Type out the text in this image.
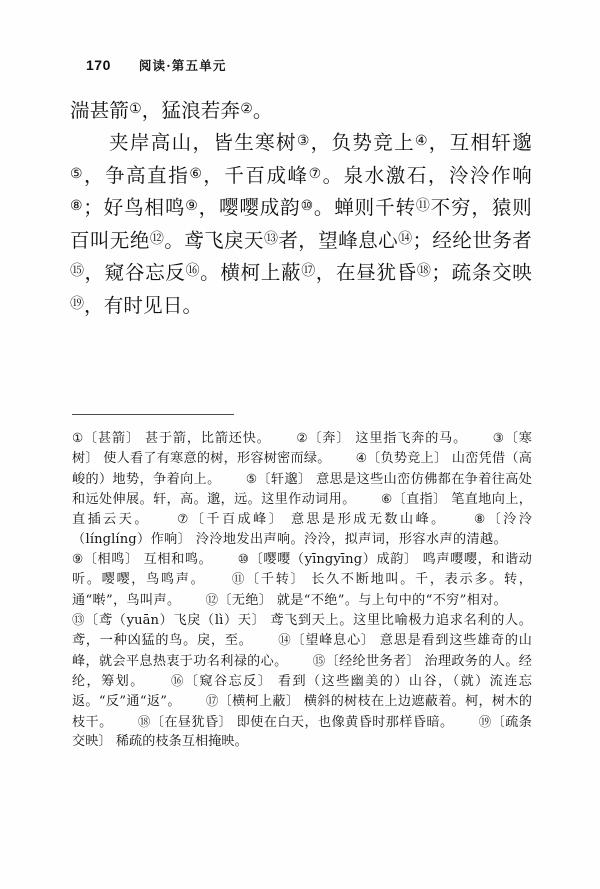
170 阅读·第五单元

湍甚箭①，猛浪若奔②。

夹岸高山，皆生寒树③，负势竞上④，互相轩邈⑤，争高直指⑥，千百成峰⑦。泉水激石，泠泠作响⑧；好鸟相鸣⑨，嘤嘤成韵⑩。蝉则千转⑪不穷，猿则百叫无绝⑫。鸢飞戾天⑬者，望峰息心⑭；经纶世务者⑮，窥谷忘反⑯。横柯上蔽⑰，在昼犹昏⑱；疏条交映⑲，有时见日。

①〔甚箭〕 甚于箭，比箭还快。 ②〔奔〕 这里指飞奔的马。 ③〔寒树〕 使人看了有寒意的树，形容树密而绿。 ④〔负势竞上〕 山峦凭借（高峻的）地势，争着向上。 ⑤〔轩邈〕 意思是这些山峦仿佛都在争着往高处和远处伸展。轩，高。邈，远。这里作动词用。 ⑥〔直指〕 笔直地向上，直插云天。 ⑦〔千百成峰〕 意思是形成无数山峰。 ⑧〔泠泠（línglíng）作响〕 泠泠地发出声响。泠泠，拟声词，形容水声的清越。⑨〔相鸣〕 互相和鸣。 ⑩〔嘤嘤（yīngyīng）成韵〕 鸣声嘤嘤，和谐动听。嘤嘤，鸟鸣声。 ⑪〔千转〕 长久不断地叫。千，表示多。转，通“啭”，鸟叫声。 ⑫〔无绝〕 就是“不绝”。与上句中的“不穷”相对。⑬〔鸢（yuān）飞戾（lì）天〕 鸢飞到天上。这里比喻极力追求名利的人。鸢，一种凶猛的鸟。戾，至。 ⑭〔望峰息心〕 意思是看到这些雄奇的山峰，就会平息热衷于功名利禄的心。 ⑮〔经纶世务者〕 治理政务的人。经纶，筹划。 ⑯〔窥谷忘反〕 看到（这些幽美的）山谷，（就）流连忘返。“反”通“返”。 ⑰〔横柯上蔽〕 横斜的树枝在上边遮蔽着。柯，树木的枝干。 ⑱〔在昼犹昏〕 即使在白天，也像黄昏时那样昏暗。 ⑲〔疏条交映〕 稀疏的枝条互相掩映。
